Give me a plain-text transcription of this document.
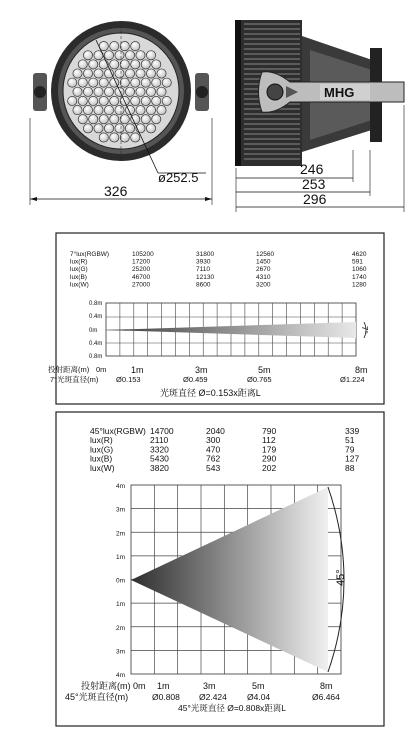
ø252.5
326
MHG
246
253
296
7°lux(RGBW)	105200	31800	12560	4620
lux(R)	17200	3930	1450	591
lux(G)	25200	7110	2670	1060
lux(B)	46700	12130	4310	1740
lux(W)	27000	8600	3200	1280
7°
0.8m
0.4m
0m
0.4m
0.8m
1m	3m	5m	8m
Ø0.153	Ø0.459	Ø0.765	Ø1.224
投射距离(m) 0m
7°光斑直径(m)
光斑直径 Ø=0.153x距离L
45°lux(RGBW) 14700	2040	790	339
lux(R)	2110	300	112	51
lux(G)	3320	470	179	79
lux(B)	5430	762	290	127
lux(W)	3820	543	202	88
45°
4m
3m
2m
1m
0m
1m
2m
3m
4m
1m	3m	5m	8m
Ø0.808 Ø2.424 Ø4.04	Ø6.464
投射距离(m) 0m
45°光斑直径(m)
45°光斑直径 Ø=0.808x距离L
